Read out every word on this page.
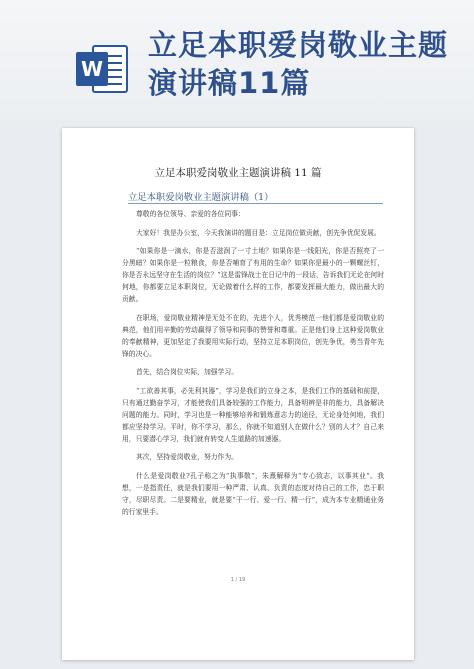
W
立足本职爱岗敬业主题演讲稿11篇
立足本职爱岗敬业主题演讲稿 11 篇
立足本职爱岗敬业主题演讲稿（1）

尊敬的各位领导、亲爱的各位同事：

大家好！我是办公室，今天我演讲的题目是：立足岗位做贡献，创先争优促发展。

“如果你是一滴水，你是否滋润了一寸土地？如果你是一线阳光，你是否照亮了一分黑暗？如果你是一粒粮食，你是否哺育了有用的生命？如果你是最小的一颗螺丝钉，你是否永远坚守在生活的岗位？”这是雷锋战士在日记中的一段话，告诉我们无论在何时何地，你都要立足本职岗位，无论做着什么样的工作，都要发挥最大能力，做出最大的贡献。

在职场，爱岗敬业精神是无处不在的，先进个人，优秀模范一他们都是爱岗敬业的典范，他们用辛勤的劳动赢得了领导和同事的赞誉和尊重。正是他们身上这种爱岗敬业的奉献精神，更加坚定了我要用实际行动，坚持立足本职岗位，创先争优，勇当青年先锋的决心。

首先，结合岗位实际，加强学习。

“工欲善其事，必先利其器”，学习是我们的立身之本，是我们工作的基础和前提，只有通过勤奋学习，才能使我们具备较强的工作能力，具备明辨是非的能力，具备解决问题的能力。同时，学习也是一种能够培养和锻炼意志力的途径，无论身处何地，我们都应坚持学习。平时，你不学习，那么，你就不知道别人在做什么？别的人才？自己来用，只要潜心学习，我们就有转变人生道路的加速器。

其次，坚持爱岗敬业，努力作为。

什么是爱岗敬业?孔子称之为“执事敬”，朱熹解释为“专心致志，以事其业”。我想，一是指责任，就是我们要用一种严肃、认真、负责的态度对待自己的工作，忠于职守，尽职尽责。二是要精业，就是要“干一行、爱一行、精一行”，成为本专业精通业务的行家里手。

1 / 19
